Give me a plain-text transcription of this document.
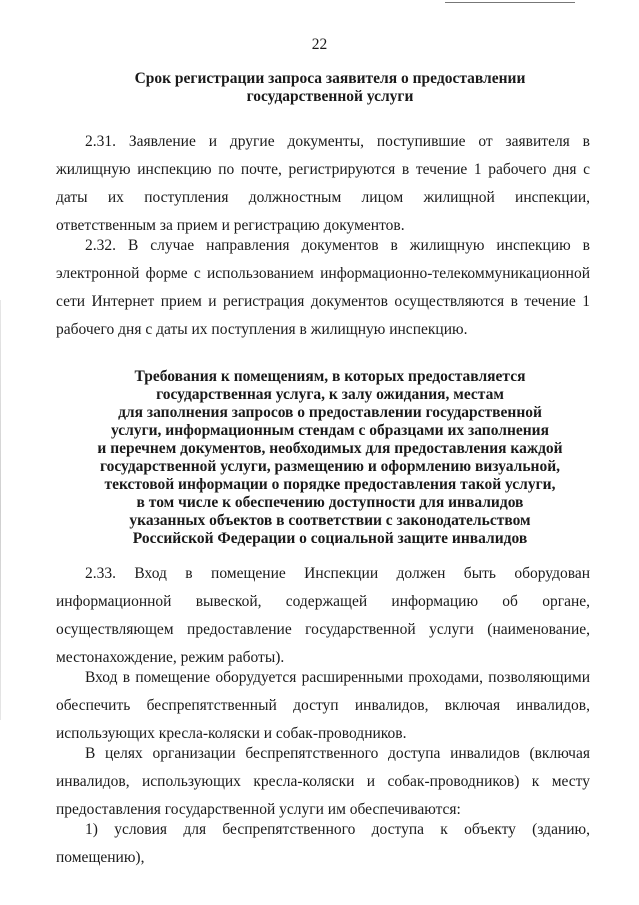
22
Срок регистрации запроса заявителя о предоставлении
государственной услуги

2.31. Заявление и другие документы, поступившие от заявителя в жилищную инспекцию по почте, регистрируются в течение 1 рабочего дня с даты их поступления должностным лицом жилищной инспекции, ответственным за прием и регистрацию документов.

2.32. В случае направления документов в жилищную инспекцию в электронной форме с использованием информационно-телекоммуникационной сети Интернет прием и регистрация документов осуществляются в течение 1 рабочего дня с даты их поступления в жилищную инспекцию.

Требования к помещениям, в которых предоставляется
государственная услуга, к залу ожидания, местам
для заполнения запросов о предоставлении государственной
услуги, информационным стендам с образцами их заполнения
и перечнем документов, необходимых для предоставления каждой
государственной услуги, размещению и оформлению визуальной,
текстовой информации о порядке предоставления такой услуги,
в том числе к обеспечению доступности для инвалидов
указанных объектов в соответствии с законодательством
Российской Федерации о социальной защите инвалидов

2.33. Вход в помещение Инспекции должен быть оборудован информационной вывеской, содержащей информацию об органе, осуществляющем предоставление государственной услуги (наименование, местонахождение, режим работы).

Вход в помещение оборудуется расширенными проходами, позволяющими обеспечить беспрепятственный доступ инвалидов, включая инвалидов, использующих кресла-коляски и собак-проводников.

В целях организации беспрепятственного доступа инвалидов (включая инвалидов, использующих кресла-коляски и собак-проводников) к месту предоставления государственной услуги им обеспечиваются:

1) условия для беспрепятственного доступа к объекту (зданию, помещению),
